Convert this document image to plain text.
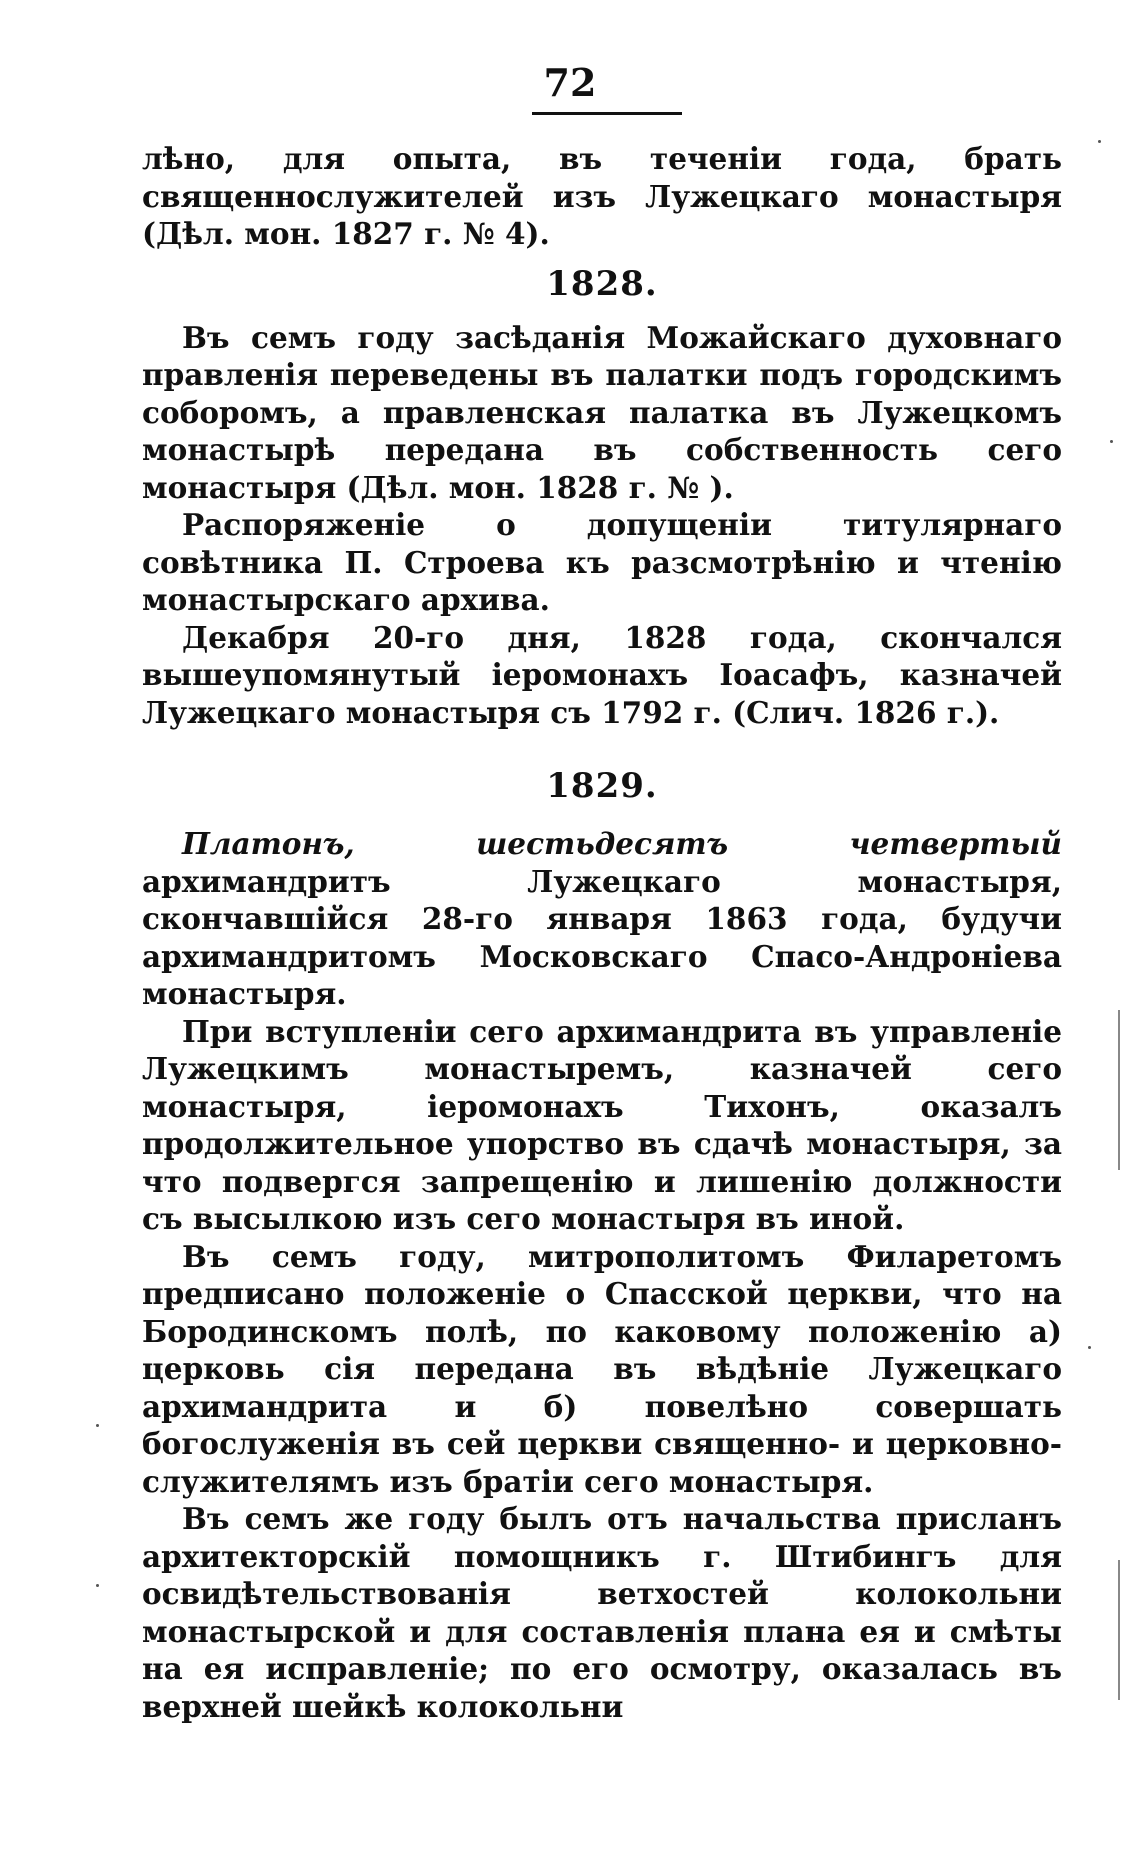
72

лѣно, для опыта, въ теченіи года, брать священнослужителей изъ Лужецкаго монастыря (Дѣл. мон. 1827 г. № 4).

1828.

Въ семъ году засѣданія Можайскаго духовнаго правленія переведены въ палатки подъ городскимъ соборомъ, а правленская палатка въ Лужецкомъ монастырѣ передана въ собственность сего монастыря (Дѣл. мон. 1828 г. № ).

Распоряженіе о допущеніи титулярнаго совѣтника П. Строева къ разсмотрѣнію и чтенію монастырскаго архива.

Декабря 20-го дня, 1828 года, скончался вышеупомянутый іеромонахъ Іоасафъ, казначей Лужецкаго монастыря съ 1792 г. (Слич. 1826 г.).

1829.

Платонъ, шестьдесятъ четвертый архимандритъ Лужецкаго монастыря, скончавшійся 28-го января 1863 года, будучи архимандритомъ Московскаго Спасо-Андроніева монастыря.

При вступленіи сего архимандрита въ управленіе Лужецкимъ монастыремъ, казначей сего монастыря, іеромонахъ Тихонъ, оказалъ продолжительное упорство въ сдачѣ монастыря, за что подвергся запрещенію и лишенію должности съ высылкою изъ сего монастыря въ иной.

Въ семъ году, митрополитомъ Филаретомъ предписано положеніе о Спасской церкви, что на Бородинскомъ полѣ, по каковому положенію а) церковь сія передана въ вѣдѣніе Лужецкаго архимандрита и б) повелѣно совершать богослуженія въ сей церкви священно- и церковно-служителямъ изъ братіи сего монастыря.

Въ семъ же году былъ отъ начальства присланъ архитекторскій помощникъ г. Штибингъ для освидѣтельствованія ветхостей колокольни монастырской и для составленія плана ея и смѣты на ея исправленіе; по его осмотру, оказалась въ верхней шейкѣ колокольни
